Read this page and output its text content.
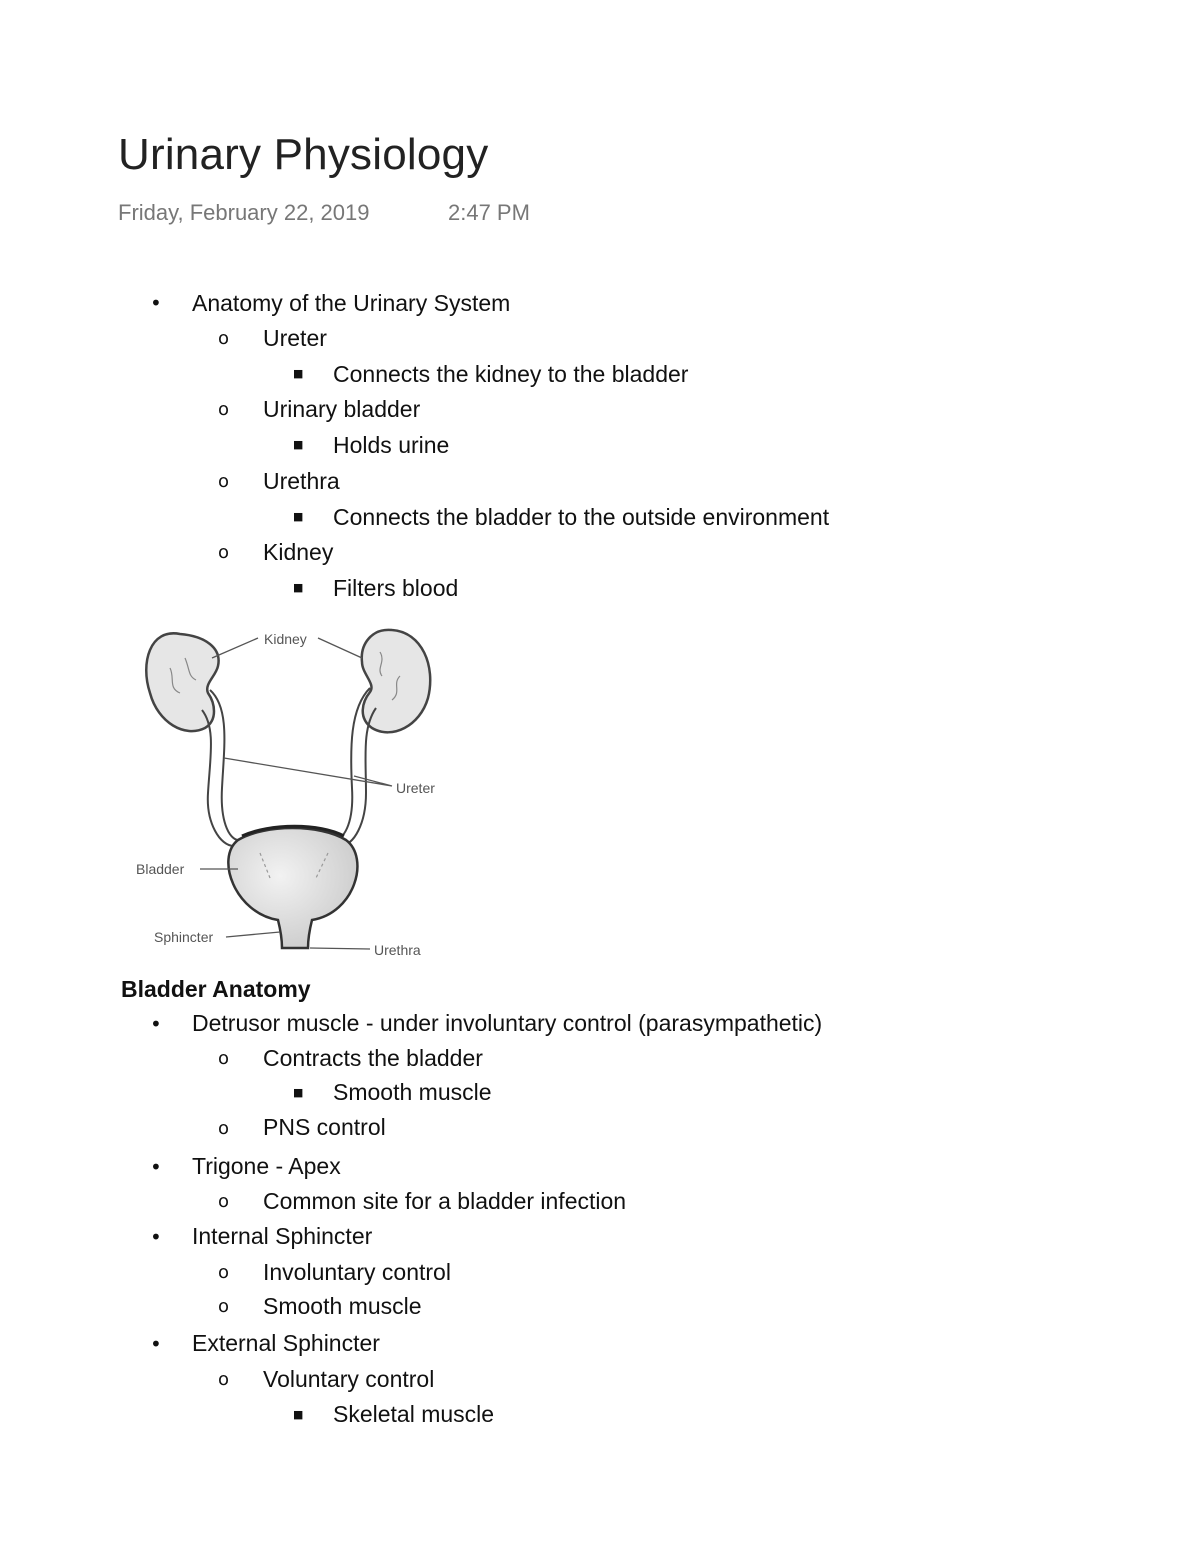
Urinary Physiology
Friday, February 22, 2019	2:47 PM
• Anatomy of the Urinary System
o Ureter
■ Connects the kidney to the bladder
o Urinary bladder
■ Holds urine
o Urethra
■ Connects the bladder to the outside environment
o Kidney
■ Filters blood
Kidney
Ureter
Bladder
Sphincter
Urethra
Bladder Anatomy
• Detrusor muscle - under involuntary control (parasympathetic)
o Contracts the bladder
■ Smooth muscle
o PNS control
• Trigone - Apex
o Common site for a bladder infection
• Internal Sphincter
o Involuntary control
o Smooth muscle
• External Sphincter
o Voluntary control
■ Skeletal muscle
